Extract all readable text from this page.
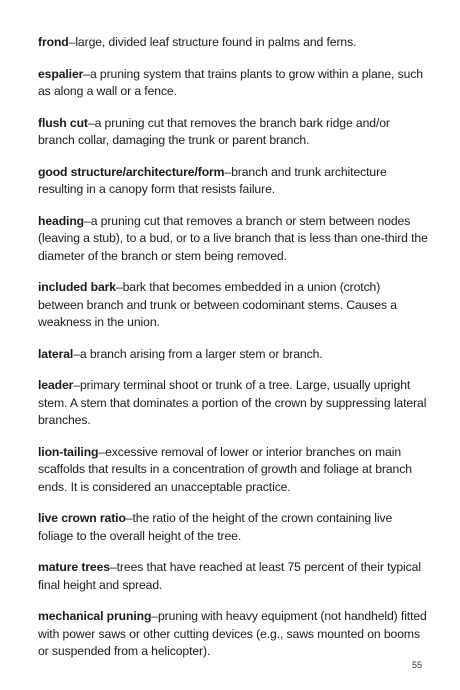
frond–large, divided leaf structure found in palms and ferns.

espalier–a pruning system that trains plants to grow within a plane, such as along a wall or a fence.

flush cut–a pruning cut that removes the branch bark ridge and/or branch collar, damaging the trunk or parent branch.

good structure/architecture/form–branch and trunk architecture resulting in a canopy form that resists failure.

heading–a pruning cut that removes a branch or stem between nodes (leaving a stub), to a bud, or to a live branch that is less than one-third the diameter of the branch or stem being removed.

included bark–bark that becomes embedded in a union (crotch) between branch and trunk or between codominant stems. Causes a weakness in the union.

lateral–a branch arising from a larger stem or branch.

leader–primary terminal shoot or trunk of a tree. Large, usually upright stem. A stem that dominates a portion of the crown by suppressing lateral branches.

lion-tailing–excessive removal of lower or interior branches on main scaffolds that results in a concentration of growth and foliage at branch ends. It is considered an unacceptable practice.

live crown ratio–the ratio of the height of the crown containing live foliage to the overall height of the tree.

mature trees–trees that have reached at least 75 percent of their typical final height and spread.

mechanical pruning–pruning with heavy equipment (not handheld) fitted with power saws or other cutting devices (e.g., saws mounted on booms or suspended from a helicopter).

55
